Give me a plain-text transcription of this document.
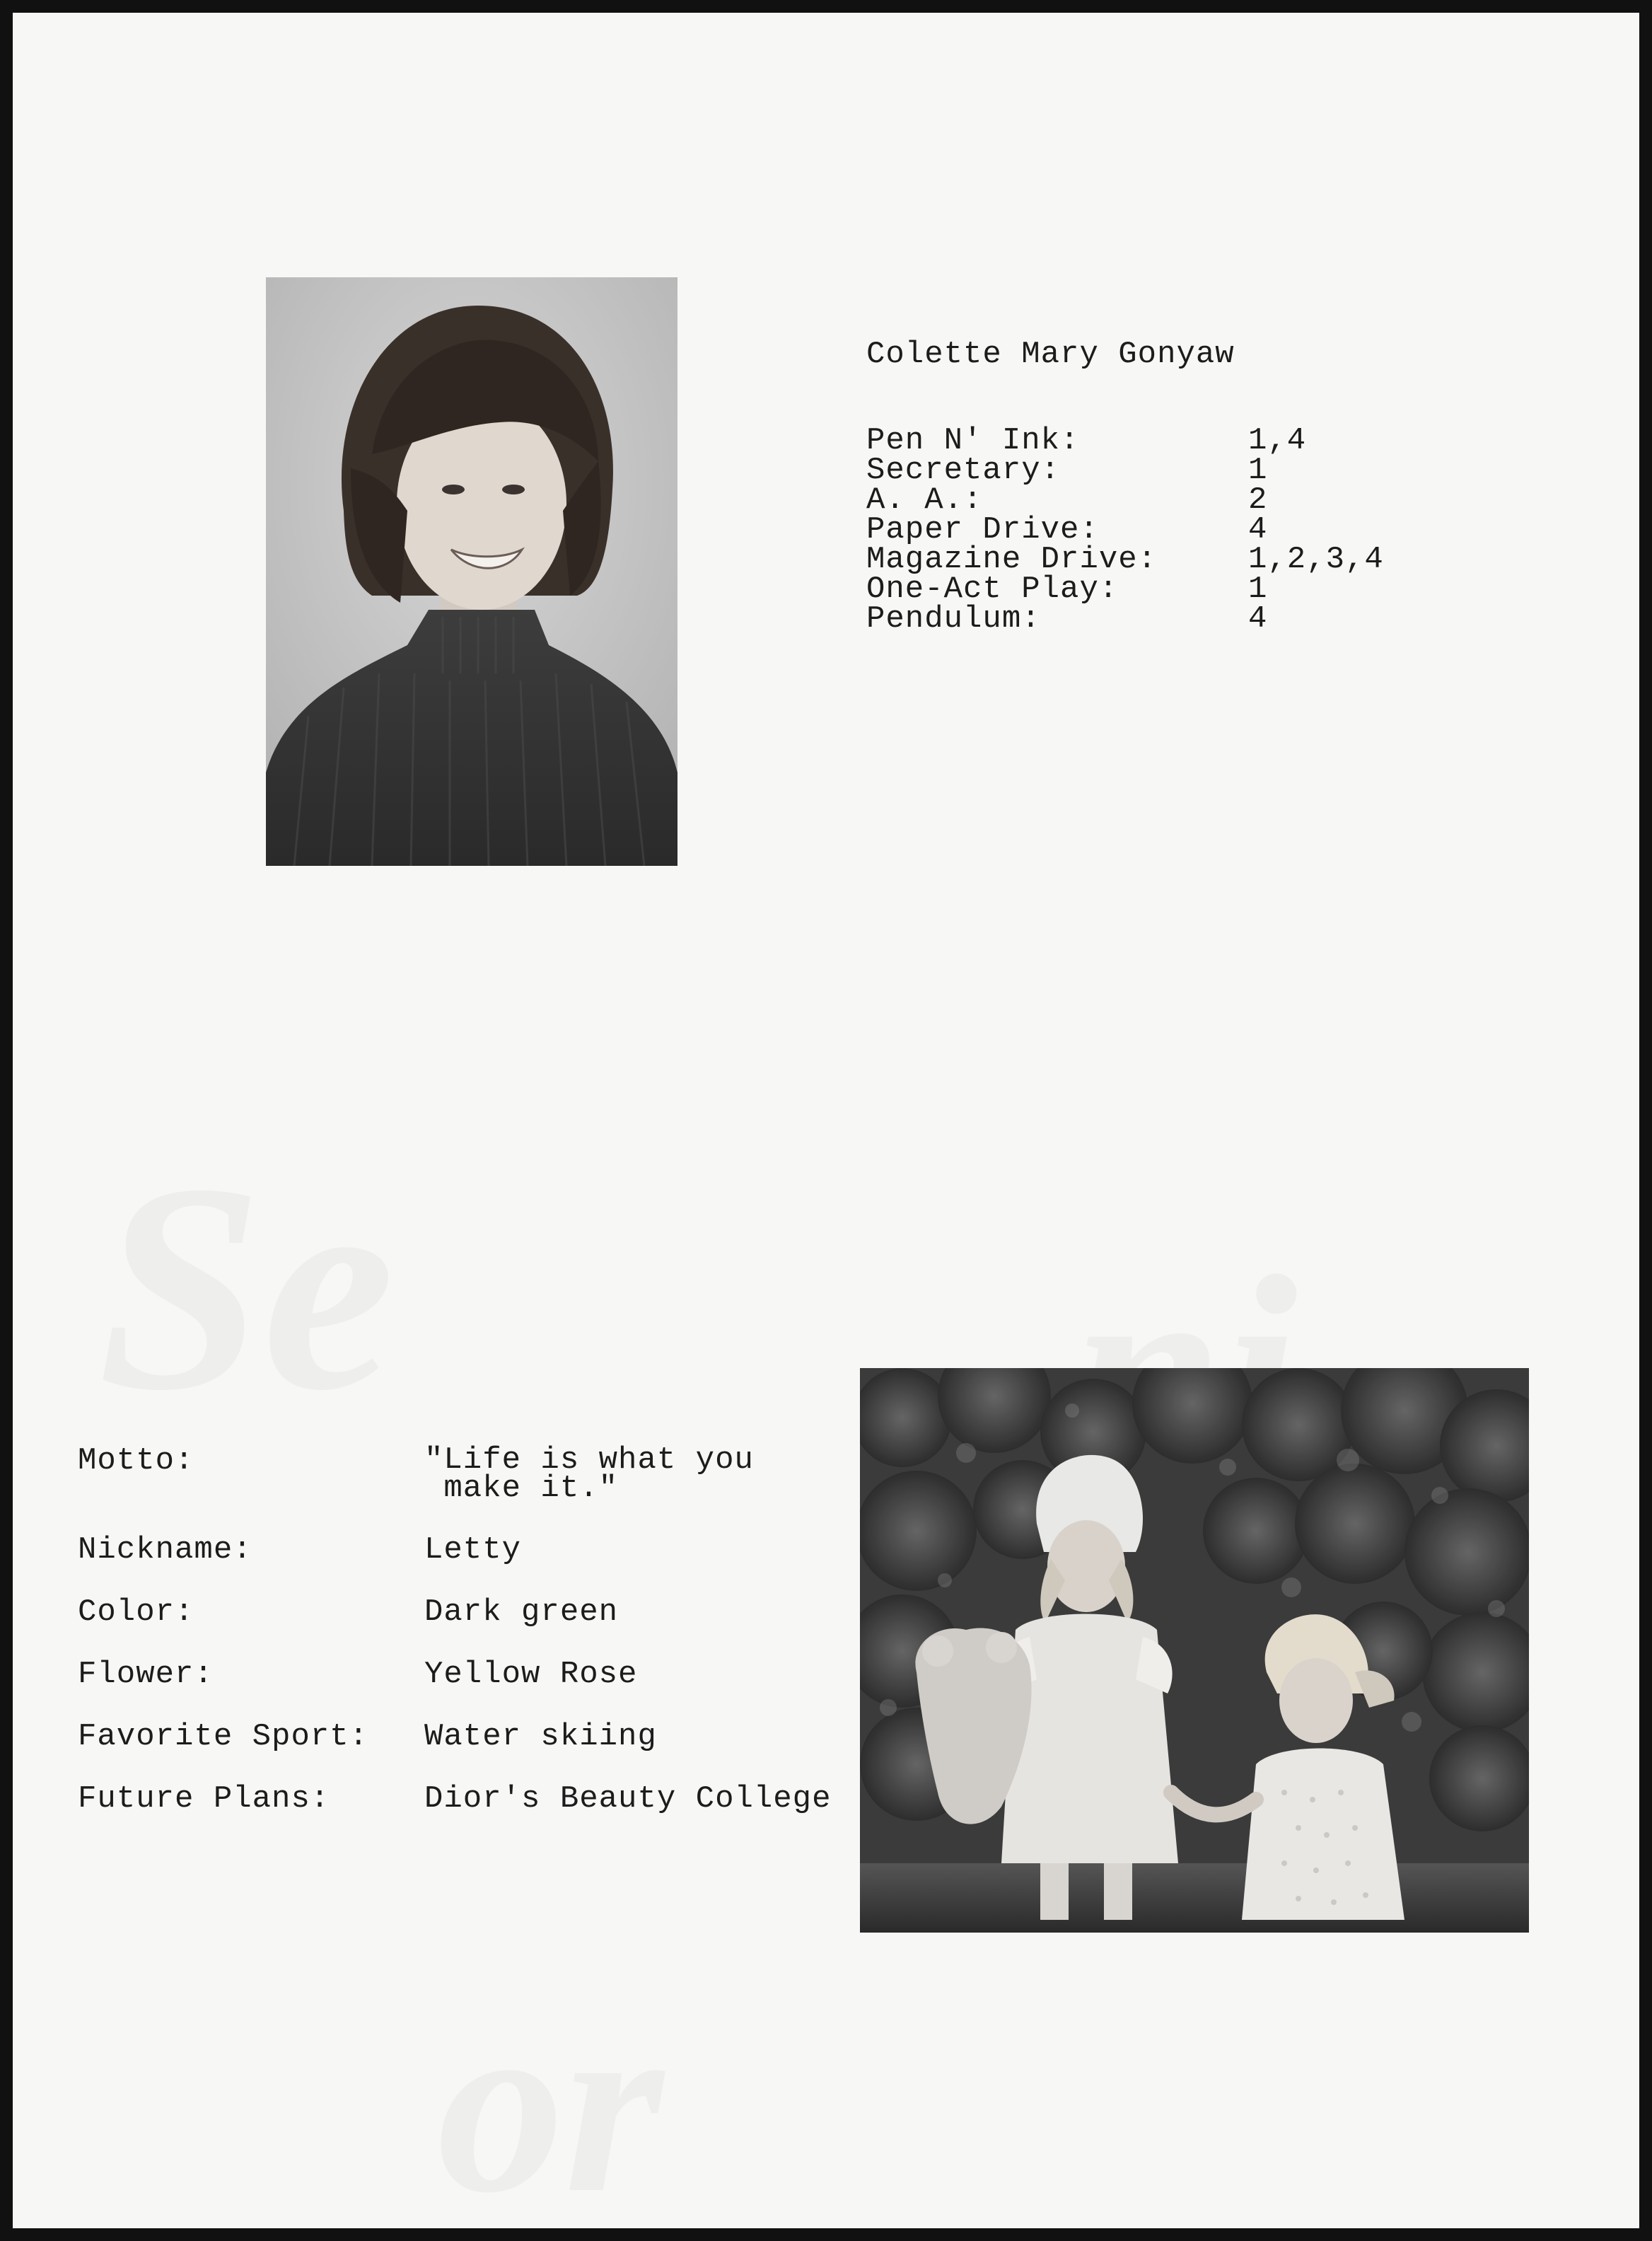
Colette Mary Gonyaw
Pen N' Ink:	1,4
Secretary:	1
A. A.:	2
Paper Drive:	4
Magazine Drive:	1,2,3,4
One-Act Play:	1
Pendulum:	4
Motto:	"Life is what you
make it."
Nickname:	Letty
Color:	Dark green
Flower:	Yellow Rose
Favorite Sport:	Water skiing
Future Plans:	Dior's Beauty College
